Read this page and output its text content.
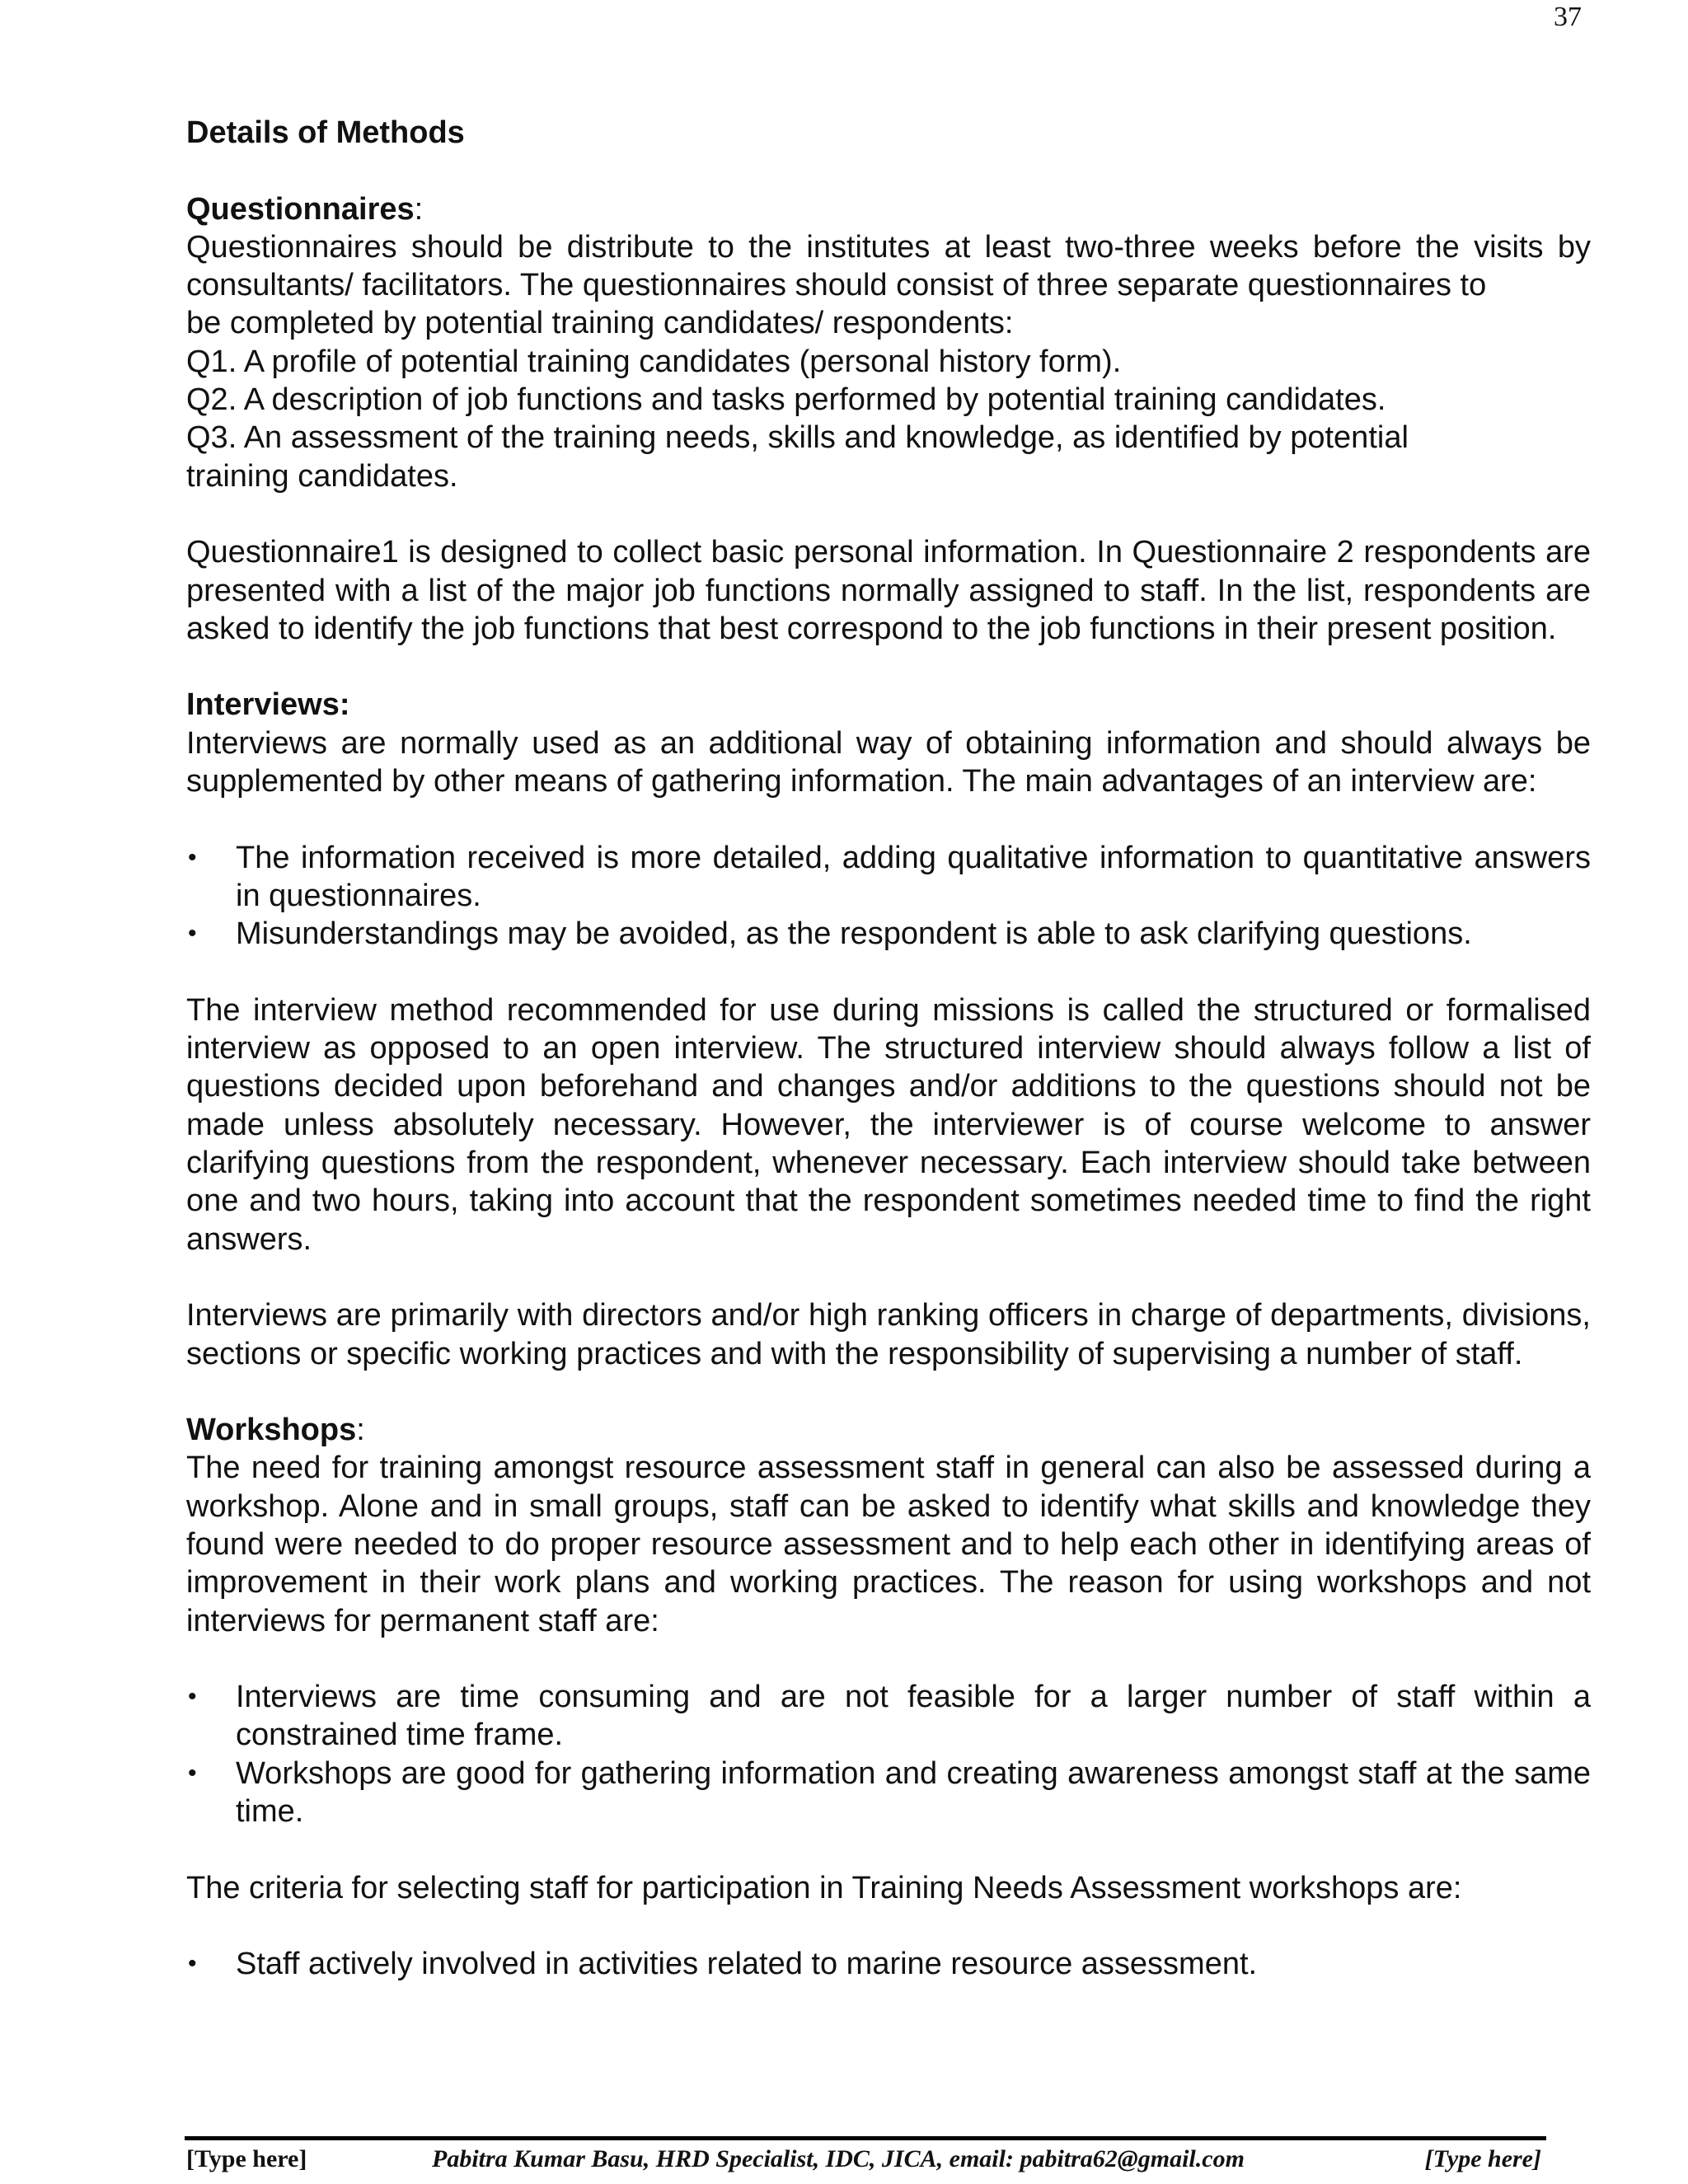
37

Details of Methods

Questionnaires:

Questionnaires should be distribute to the institutes at least two-three weeks before the visits by

consultants/ facilitators. The questionnaires should consist of three separate questionnaires to

be completed by potential training candidates/ respondents:

Q1. A profile of potential training candidates (personal history form).

Q2. A description of job functions and tasks performed by potential training candidates.

Q3. An assessment of the training needs, skills and knowledge, as identified by potential

training candidates.

Questionnaire1 is designed to collect basic personal information. In Questionnaire 2 respondents are presented with a list of the major job functions normally assigned to staff. In the list, respondents are asked to identify the job functions that best correspond to the job functions in their present position.

Interviews:

Interviews are normally used as an additional way of obtaining information and should always be supplemented by other means of gathering information. The main advantages of an interview are:

• The information received is more detailed, adding qualitative information to quantitative answers in questionnaires.
• Misunderstandings may be avoided, as the respondent is able to ask clarifying questions.

The interview method recommended for use during missions is called the structured or formalised interview as opposed to an open interview. The structured interview should always follow a list of questions decided upon beforehand and changes and/or additions to the questions should not be made unless absolutely necessary. However, the interviewer is of course welcome to answer clarifying questions from the respondent, whenever necessary. Each interview should take between one and two hours, taking into account that the respondent sometimes needed time to find the right answers.

Interviews are primarily with directors and/or high ranking officers in charge of departments, divisions, sections or specific working practices and with the responsibility of supervising a number of staff.

Workshops:

The need for training amongst resource assessment staff in general can also be assessed during a workshop. Alone and in small groups, staff can be asked to identify what skills and knowledge they found were needed to do proper resource assessment and to help each other in identifying areas of improvement in their work plans and working practices. The reason for using workshops and not interviews for permanent staff are:

• Interviews are time consuming and are not feasible for a larger number of staff within a constrained time frame.
• Workshops are good for gathering information and creating awareness amongst staff at the same time.

The criteria for selecting staff for participation in Training Needs Assessment workshops are:

• Staff actively involved in activities related to marine resource assessment.
[Type here]	Pabitra Kumar Basu, HRD Specialist, IDC, JICA, email: pabitra62@gmail.com	[Type here]
